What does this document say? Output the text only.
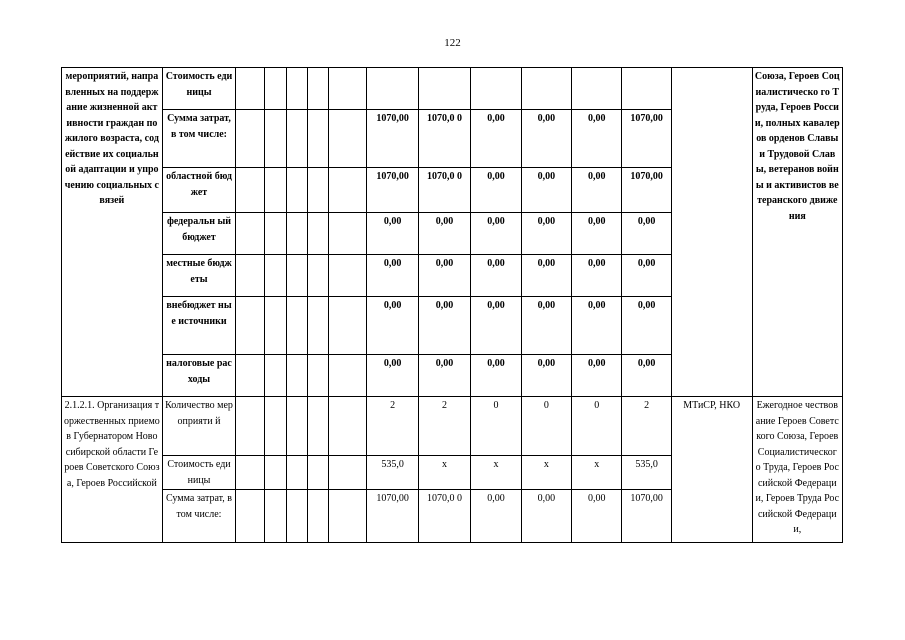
122
мероприятий, направленных на поддержание жизненной активности граждан пожилого возраста, содействие их социальной адаптации и упрочению социальных связей	Стоимость единицы													Союза, Героев Социалистическо го Труда, Героев России, полных кавалеров орденов Славы и Трудовой Славы, ветеранов войны и активистов ветеранского движения
	Сумма затрат, в том числе:						1070,00	1070,0 0	0,00	0,00	0,00	1070,00		
	областной бюджет						1070,00	1070,0 0	0,00	0,00	0,00	1070,00		
	федеральн ый бюджет						0,00	0,00	0,00	0,00	0,00	0,00		
	местные бюджеты						0,00	0,00	0,00	0,00	0,00	0,00		
	внебюджет ные источники						0,00	0,00	0,00	0,00	0,00	0,00		
	налоговые расходы						0,00	0,00	0,00	0,00	0,00	0,00		
2.1.2.1. Организация торжественных приемов Губернатором Новосибирской области Героев Советского Союза, Героев Российской	Количество мероприяти й						2	2	0	0	0	2	МТиСР, НКО	Ежегодное чествование Героев Советского Союза, Героев Социалистическог о Труда, Героев Российской Федерации, Героев Труда Российской Федерации,
	Стоимость единицы						535,0	х	х	х	х	535,0		
	Сумма затрат, в том числе:						1070,00	1070,0 0	0,00	0,00	0,00	1070,00		
